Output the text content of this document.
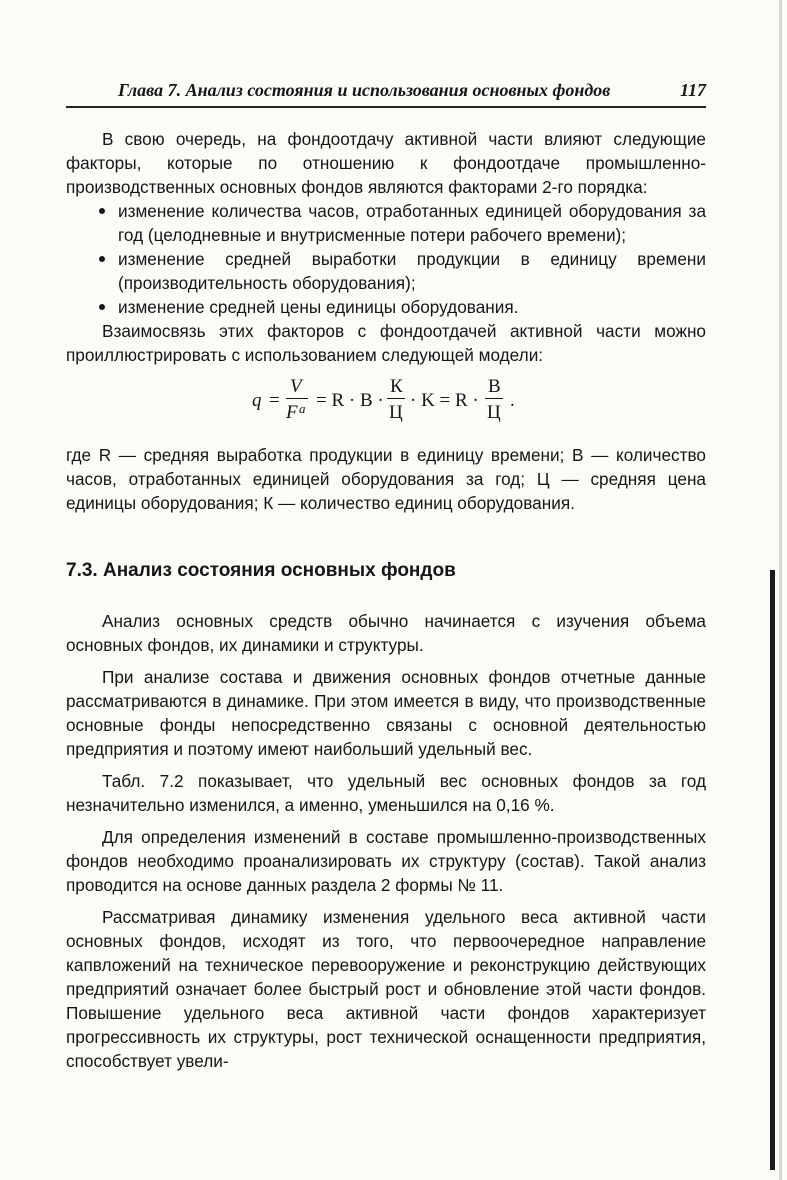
Глава 7. Анализ состояния и использования основных фондов	117

В свою очередь, на фондоотдачу активной части влияют следующие факторы, которые по отношению к фондоотдаче промышленно-производственных основных фондов являются факторами 2-го порядка:

изменение количества часов, отработанных единицей оборудования за год (целодневные и внутрисменные потери рабочего времени);
изменение средней выработки продукции в единицу времени (производительность оборудования);
изменение средней цены единицы оборудования.

Взаимосвязь этих факторов с фондоотдачей активной части можно проиллюстрировать с использованием следующей модели:

q =
V
F a = R · B ·
К
Ц
· K = R ·
В
Ц
.

где R — средняя выработка продукции в единицу времени; В — количество часов, отработанных единицей оборудования за год; Ц — средняя цена единицы оборудования; К — количество единиц оборудования.

7.3. Анализ состояния основных фондов

Анализ основных средств обычно начинается с изучения объема основных фондов, их динамики и структуры.

При анализе состава и движения основных фондов отчетные данные рассматриваются в динамике. При этом имеется в виду, что производственные основные фонды непосредственно связаны с основной деятельностью предприятия и поэтому имеют наибольший удельный вес.

Табл. 7.2 показывает, что удельный вес основных фондов за год незначительно изменился, а именно, уменьшился на 0,16 %.

Для определения изменений в составе промышленно-производственных фондов необходимо проанализировать их структуру (состав). Такой анализ проводится на основе данных раздела 2 формы № 11.

Рассматривая динамику изменения удельного веса активной части основных фондов, исходят из того, что первоочередное направление капвложений на техническое перевооружение и реконструкцию действующих предприятий означает более быстрый рост и обновление этой части фондов. Повышение удельного веса активной части фондов характеризует прогрессивность их структуры, рост технической оснащенности предприятия, способствует увели-
